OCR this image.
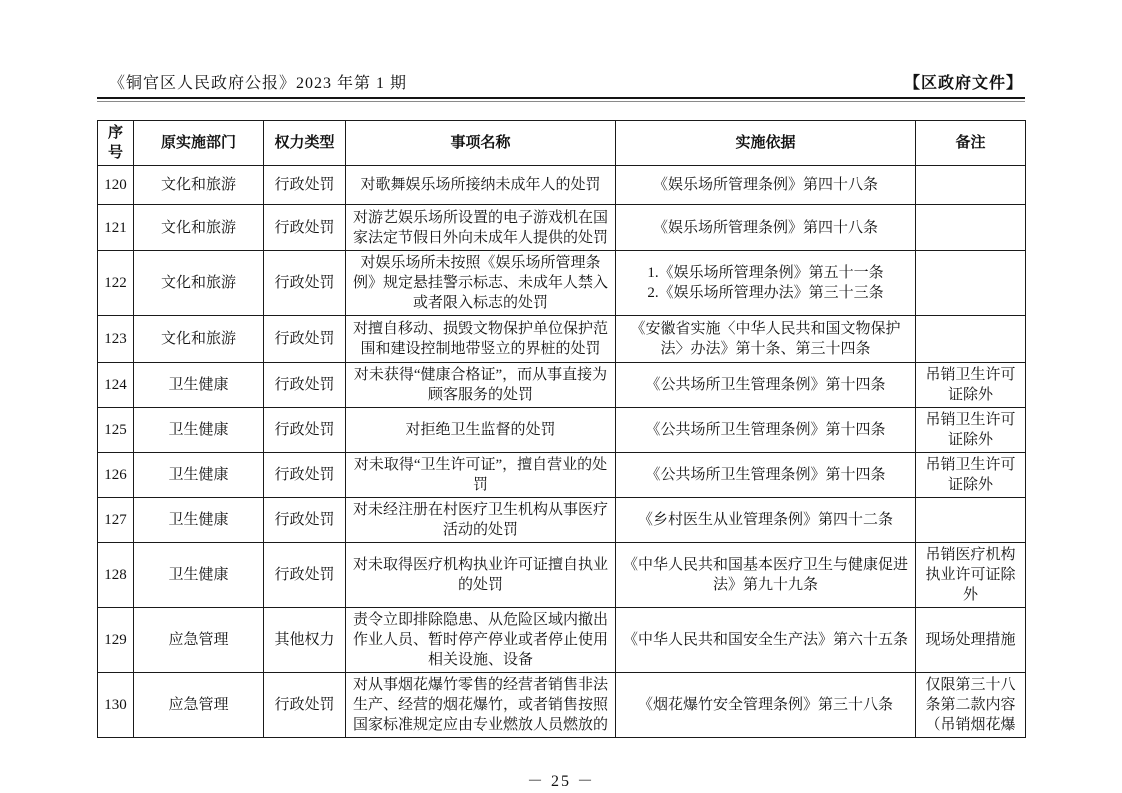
《铜官区人民政府公报》2023 年第 1 期	【区政府文件】
序号	原实施部门	权力类型	事项名称	实施依据	备注
120	文化和旅游	行政处罚	对歌舞娱乐场所接纳未成年人的处罚	《娱乐场所管理条例》第四十八条	

121	文化和旅游	行政处罚	对游艺娱乐场所设置的电子游戏机在国家法定节假日外向未成年人提供的处罚	《娱乐场所管理条例》第四十八条	

122	文化和旅游	行政处罚	对娱乐场所未按照《娱乐场所管理条例》规定悬挂警示标志、未成年人禁入或者限入标志的处罚	1.《娱乐场所管理条例》第五十一条
2.《娱乐场所管理办法》第三十三条	

123	文化和旅游	行政处罚	对擅自移动、损毁文物保护单位保护范围和建设控制地带竖立的界桩的处罚	《安徽省实施〈中华人民共和国文物保护法〉办法》第十条、第三十四条	

124	卫生健康	行政处罚	对未获得“健康合格证”，而从事直接为顾客服务的处罚	《公共场所卫生管理条例》第十四条	吊销卫生许可证除外
125	卫生健康	行政处罚	对拒绝卫生监督的处罚	《公共场所卫生管理条例》第十四条	吊销卫生许可证除外
126	卫生健康	行政处罚	对未取得“卫生许可证”，擅自营业的处罚	《公共场所卫生管理条例》第十四条	吊销卫生许可证除外
127	卫生健康	行政处罚	对未经注册在村医疗卫生机构从事医疗活动的处罚	《乡村医生从业管理条例》第四十二条	

128	卫生健康	行政处罚	对未取得医疗机构执业许可证擅自执业的处罚	《中华人民共和国基本医疗卫生与健康促进法》第九十九条	吊销医疗机构执业许可证除外
129	应急管理	其他权力	责令立即排除隐患、从危险区域内撤出作业人员、暂时停产停业或者停止使用相关设施、设备	《中华人民共和国安全生产法》第六十五条	现场处理措施
130	应急管理	行政处罚	对从事烟花爆竹零售的经营者销售非法生产、经营的烟花爆竹，或者销售按照国家标准规定应由专业燃放人员燃放的	《烟花爆竹安全管理条例》第三十八条	仅限第三十八条第二款内容（吊销烟花爆
－ 25 －
